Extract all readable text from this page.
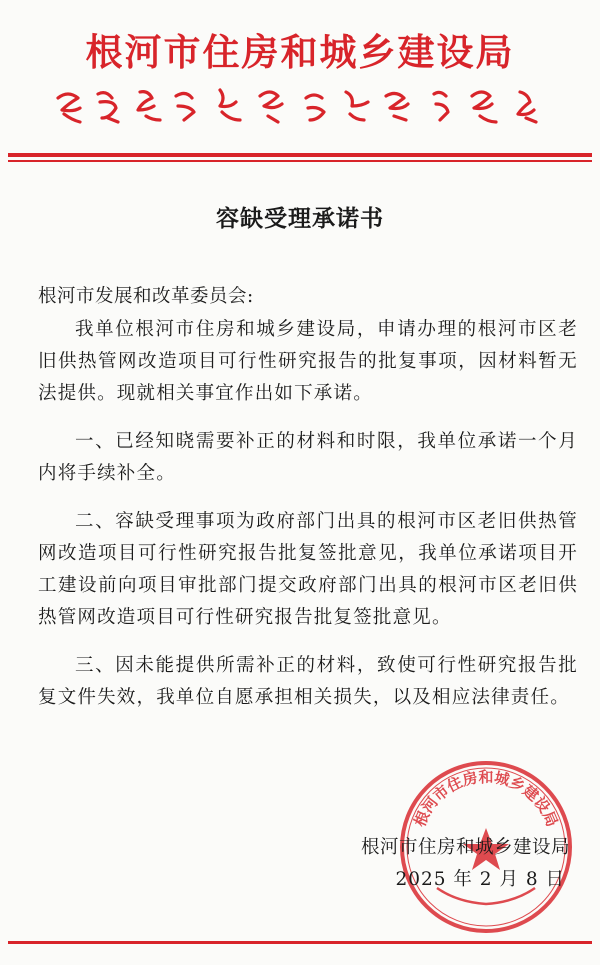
根河市住房和城乡建设局
容缺受理承诺书
根河市发展和改革委员会:
我单位根河市住房和城乡建设局，申请办理的根河市区老旧供热管网改造项目可行性研究报告的批复事项，因材料暂无法提供。现就相关事宜作出如下承诺。
一、已经知晓需要补正的材料和时限，我单位承诺一个月内将手续补全。
二、容缺受理事项为政府部门出具的根河市区老旧供热管网改造项目可行性研究报告批复签批意见，我单位承诺项目开工建设前向项目审批部门提交政府部门出具的根河市区老旧供热管网改造项目可行性研究报告批复签批意见。
三、因未能提供所需补正的材料，致使可行性研究报告批复文件失效，我单位自愿承担相关损失，以及相应法律责任。
根河市住房和城乡建设局
根河市住房和城乡建设局
2025 年 2 月 8 日
